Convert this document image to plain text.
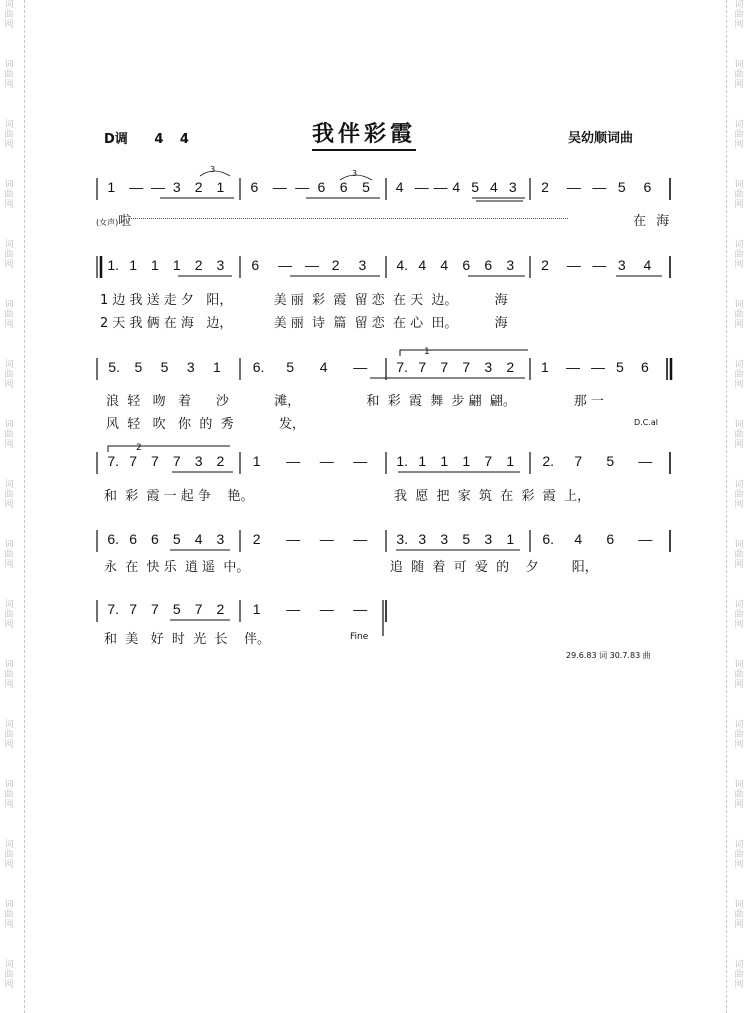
词
曲
网
词
曲
网
词
曲
网
词
曲
网
词
曲
网
词
曲
网
词
曲
网
词
曲
网
词
曲
网
词
曲
网
词
曲
网
词
曲
网
词
曲
网
词
曲
网
词
曲
网
词
曲
网
词
曲
网
词
曲
网
词
曲
网
词
曲
网
词
曲
网
词
曲
网
词
曲
网
词
曲
网
词
曲
网
词
曲
网
词
曲
网
词
曲
网
词
曲
网
词
曲
网
词
曲
网
词
曲
网
词
曲
网
词
曲
网
D调 4 4	我伴彩霞	吴幼顺词曲
1 — — 3 2 1 6 — — 6 6 5 4 — — 4 5 4 3 2 — — 5 6
1. 1 1 1 2 3 6 — — 2 3 4. 4 4 6 6 3 2 — — 3 4
5. 5 5 3 1 6. 5 4 — 7. 7 7 7 3 2 1 — — 5 6
7. 7 7 7 3 2 1 — — — 1. 1 1 1 7 1 2. 7 5 —
6. 6 6 5 4 3 2 — — — 3. 3 3 5 3 1 6. 4 6 —
7. 7 7 5 7 2 1 — — —
1
2
3	3
(女声)啦	在 海
1 边 我 送 走 夕   阳，          美 丽  彩  霞  留 恋  在 天  边。         海
2 天 我 俩 在 海   边，          美 丽  诗  篇  留 恋  在 心  田。         海
浪  轻   吻   着      沙           滩，                和  彩  霞  舞  步 翩  翩。              那 一
风  轻   吹   你  的  秀           发，	D.C.al
和  彩  霞 一 起 争    艳。                                  我  愿  把  家  筑  在  彩  霞  上，
永  在  快 乐  逍 遥  中。                                  追  随  着  可  爱  的    夕        阳，
和  美   好  时  光  长    伴。	Fine
29.6.83 词 30.7.83 曲
